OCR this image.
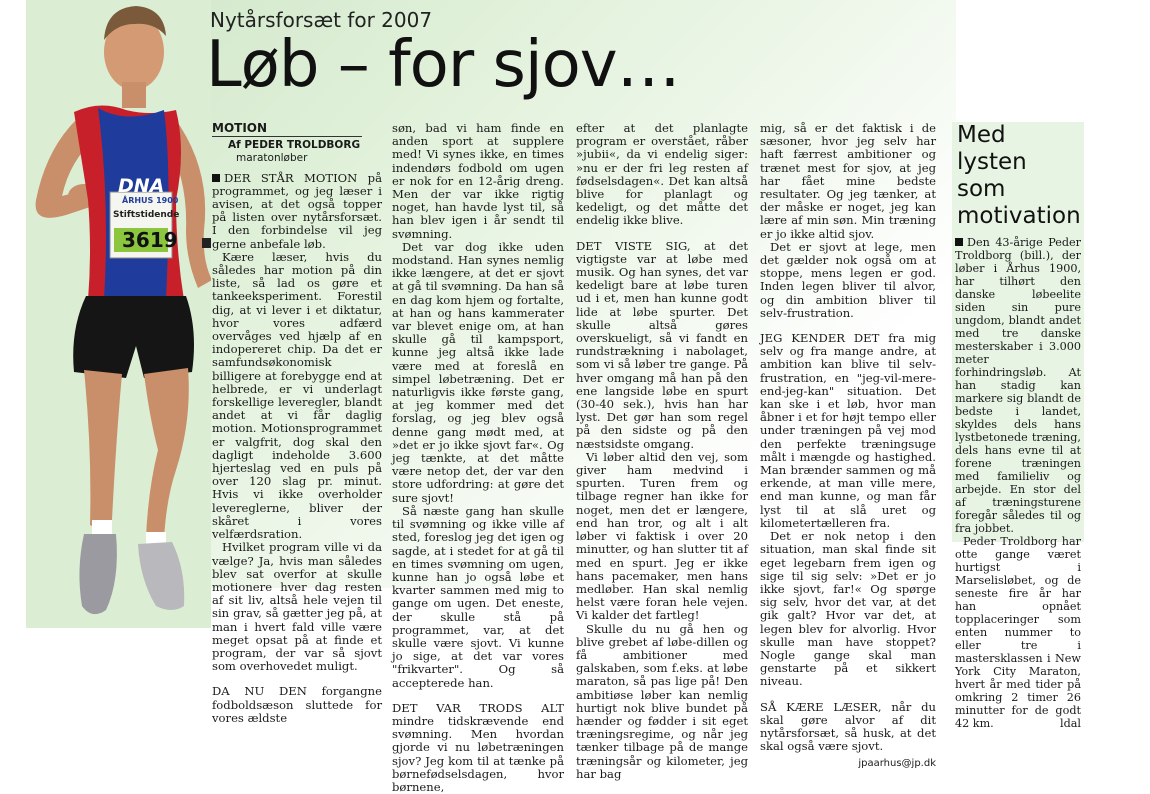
DNA
ÅRHUS 1900
Stiftstidende
3619
Nytårsforsæt for 2007
Løb – for sjov…
MOTION
Af PEDER TROLDBORG
maratonløber

DER STÅR MOTION på programmet, og jeg læser i avisen, at det også topper på listen over nytårsforsæt. I den forbindelse vil jeg gerne anbefale løb.

Kære læser, hvis du således har motion på din liste, så lad os gøre et tankeeksperiment. Forestil dig, at vi lever i et diktatur, hvor vores adfærd overvåges ved hjælp af en indopereret chip. Da det er samfundsøkonomisk billigere at forebygge end at helbrede, er vi underlagt forskellige leveregler, blandt andet at vi får daglig motion. Motionsprogrammet er valgfrit, dog skal den dagligt indeholde 3.600 hjerteslag ved en puls på over 120 slag pr. minut. Hvis vi ikke overholder levereglerne, bliver der skåret i vores velfærdsration.

Hvilket program ville vi da vælge? Ja, hvis man således blev sat overfor at skulle motionere hver dag resten af sit liv, altså hele vejen til sin grav, så gætter jeg på, at man i hvert fald ville være meget opsat på at finde et program, der var så sjovt som overhovedet muligt.

DA NU DEN forgangne fodboldsæson sluttede for vores ældste

søn, bad vi ham finde en anden sport at supplere med! Vi synes ikke, en times indendørs fodbold om ugen er nok for en 12-årig dreng. Men der var ikke rigtig noget, han havde lyst til, så han blev igen i år sendt til svømning.

Det var dog ikke uden modstand. Han synes nemlig ikke længere, at det er sjovt at gå til svømning. Da han så en dag kom hjem og fortalte, at han og hans kammerater var blevet enige om, at han skulle gå til kampsport, kunne jeg altså ikke lade være med at foreslå en simpel løbetræning. Det er naturligvis ikke første gang, at jeg kommer med det forslag, og jeg blev også denne gang mødt med, at »det er jo ikke sjovt far«. Og jeg tænkte, at det måtte være netop det, der var den store udfordring: at gøre det sure sjovt!

Så næste gang han skulle til svømning og ikke ville af sted, foreslog jeg det igen og sagde, at i stedet for at gå til en times svømning om ugen, kunne han jo også løbe et kvarter sammen med mig to gange om ugen. Det eneste, der skulle stå på programmet, var, at det skulle være sjovt. Vi kunne jo sige, at det var vores "frikvarter". Og så accepterede han.

DET VAR TRODS ALT mindre tidskrævende end svømning. Men hvordan gjorde vi nu løbetræningen sjov? Jeg kom til at tænke på børnefødselsdagen, hvor børnene,

efter at det planlagte program er overstået, råber »jubii«, da vi endelig siger: »nu er der fri leg resten af fødselsdagen«. Det kan altså blive for planlagt og kedeligt, og det måtte det endelig ikke blive.

DET VISTE SIG, at det vigtigste var at løbe med musik. Og han synes, det var kedeligt bare at løbe turen ud i et, men han kunne godt lide at løbe spurter. Det skulle altså gøres overskueligt, så vi fandt en rundstrækning i nabolaget, som vi så løber tre gange. På hver omgang må han på den ene langside løbe en spurt (30-40 sek.), hvis han har lyst. Det gør han som regel på den sidste og på den næstsidste omgang.

Vi løber altid den vej, som giver ham medvind i spurten. Turen frem og tilbage regner han ikke for noget, men det er længere, end han tror, og alt i alt løber vi faktisk i over 20 minutter, og han slutter tit af med en spurt. Jeg er ikke hans pacemaker, men hans medløber. Han skal nemlig helst være foran hele vejen. Vi kalder det fartleg!

Skulle du nu gå hen og blive grebet af løbe-dillen og få ambitioner med galskaben, som f.eks. at løbe maraton, så pas lige på! Den ambitiøse løber kan nemlig hurtigt nok blive bundet på hænder og fødder i sit eget træningsregime, og når jeg tænker tilbage på de mange træningsår og kilometer, jeg har bag

mig, så er det faktisk i de sæsoner, hvor jeg selv har haft færrest ambitioner og trænet mest for sjov, at jeg har fået mine bedste resultater. Og jeg tænker, at der måske er noget, jeg kan lære af min søn. Min træning er jo ikke altid sjov.

Det er sjovt at lege, men det gælder nok også om at stoppe, mens legen er god. Inden legen bliver til alvor, og din ambition bliver til selv-frustration.

JEG KENDER DET fra mig selv og fra mange andre, at ambition kan blive til selv-frustration, en "jeg-vil-mere-end-jeg-kan" situation. Det kan ske i et løb, hvor man åbner i et for højt tempo eller under træningen på vej mod den perfekte træningsuge målt i mængde og hastighed. Man brænder sammen og må erkende, at man ville mere, end man kunne, og man får lyst til at slå uret og kilometertælleren fra.

Det er nok netop i den situation, man skal finde sit eget legebarn frem igen og sige til sig selv: »Det er jo ikke sjovt, far!« Og spørge sig selv, hvor det var, at det gik galt? Hvor var det, at legen blev for alvorlig. Hvor skulle man have stoppet? Nogle gange skal man genstarte på et sikkert niveau.

SÅ KÆRE LÆSER, når du skal gøre alvor af dit nytårsforsæt, så husk, at det skal også være sjovt.

jpaarhus@jp.dk
Med lysten som motivation

Den 43-årige Peder Troldborg (bill.), der løber i Århus 1900, har tilhørt den danske løbeelite siden sin pure ungdom, blandt andet med tre danske mesterskaber i 3.000 meter forhindringsløb. At han stadig kan markere sig blandt de bedste i landet, skyldes dels hans lystbetonede træning, dels hans evne til at forene træningen med familieliv og arbejde. En stor del af træningsturene foregår således til og fra jobbet.

Peder Troldborg har otte gange været hurtigst i Marselisløbet, og de seneste fire år har han opnået topplaceringer som enten nummer to eller tre i mastersklassen i New York City Maraton, hvert år med tider på omkring 2 timer 26 minutter for de godt 42 km.	ldal
